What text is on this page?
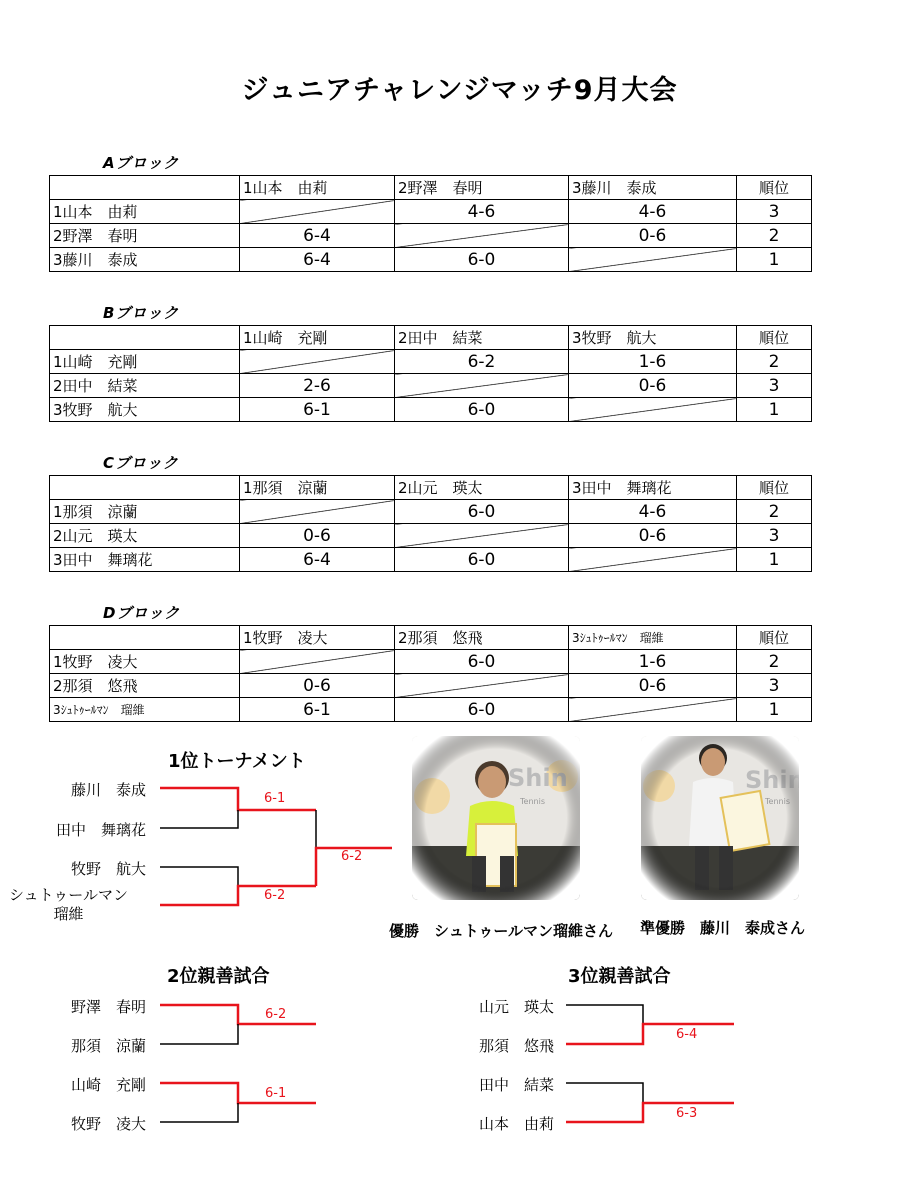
ジュニアチャレンジマッチ9月大会
Aブロック
	1山本　由莉	2野澤　春明	3藤川　泰成	順位
1山本　由莉		4-6	4-6	3
2野澤　春明	6-4		0-6	2
3藤川　泰成	6-4	6-0		1
Bブロック
	1山崎　充剛	2田中　結菜	3牧野　航大	順位
1山崎　充剛		6-2	1-6	2
2田中　結菜	2-6		0-6	3
3牧野　航大	6-1	6-0		1
Cブロック
	1那須　涼蘭	2山元　瑛太	3田中　舞璃花	順位
1那須　涼蘭		6-0	4-6	2
2山元　瑛太	0-6		0-6	3
3田中　舞璃花	6-4	6-0		1
Dブロック
	1牧野　凌大	2那須　悠飛	3ｼｭﾄｩｰﾙﾏﾝ　瑠維	順位
1牧野　凌大		6-0	1-6	2
2那須　悠飛	0-6		0-6	3
3ｼｭﾄｩｰﾙﾏﾝ　瑠維	6-1	6-0		1
1位トーナメント
藤川　泰成
田中　舞璃花
牧野　航大
シュトゥールマン　瑠維
6-1
6-2
6-2
2位親善試合
野澤　春明
那須　涼蘭
山崎　充剛
牧野　凌大
6-2
6-1
3位親善試合
山元　瑛太
那須　悠飛
田中　結菜
山本　由莉
6-4
6-3
優勝　シュトゥールマン瑠維さん 準優勝　藤川　泰成さん
